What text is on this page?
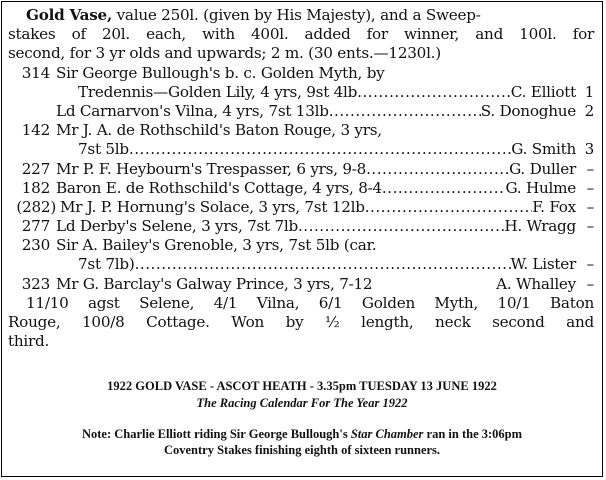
Gold Vase, value 250l. (given by His Majesty), and a Sweep-
stakes of 20l. each, with 400l. added for winner, and 100l. for
second, for 3 yr olds and upwards; 2 m. (30 ents.—1230l.)
314 Sir George Bullough's b. c. Golden Myth, by
Tredennis—Golden Lily, 4 yrs, 9st 4lb .....	C. Elliott 1
Ld Carnarvon's Vilna, 4 yrs, 7st 13lb .....	S. Donoghue 2
142 Mr J. A. de Rothschild's Baton Rouge, 3 yrs,
7st 5lb .....	G. Smith 3
227 Mr P. F. Heybourn's Trespasser, 6 yrs, 9-8 .....	G. Duller –
182 Baron E. de Rothschild's Cottage, 4 yrs, 8-4 .....	G. Hulme –
(282) Mr J. P. Hornung's Solace, 3 yrs, 7st 12lb .....	F. Fox –
277 Ld Derby's Selene, 3 yrs, 7st 7lb .....	H. Wragg –
230 Sir A. Bailey's Grenoble, 3 yrs, 7st 5lb (car.
7st 7lb) .....	W. Lister –
323 Mr G. Barclay's Galway Prince, 3 yrs, 7-12	A. Whalley –
11/10 agst Selene, 4/1 Vilna, 6/1 Golden Myth, 10/1 Baton
Rouge, 100/8 Cottage. Won by ½ length, neck second and
third.
1922 GOLD VASE - ASCOT HEATH - 3.35pm TUESDAY 13 JUNE 1922
The Racing Calendar For The Year 1922
Note: Charlie Elliott riding Sir George Bullough's Star Chamber ran in the 3:06pm
Coventry Stakes finishing eighth of sixteen runners.
